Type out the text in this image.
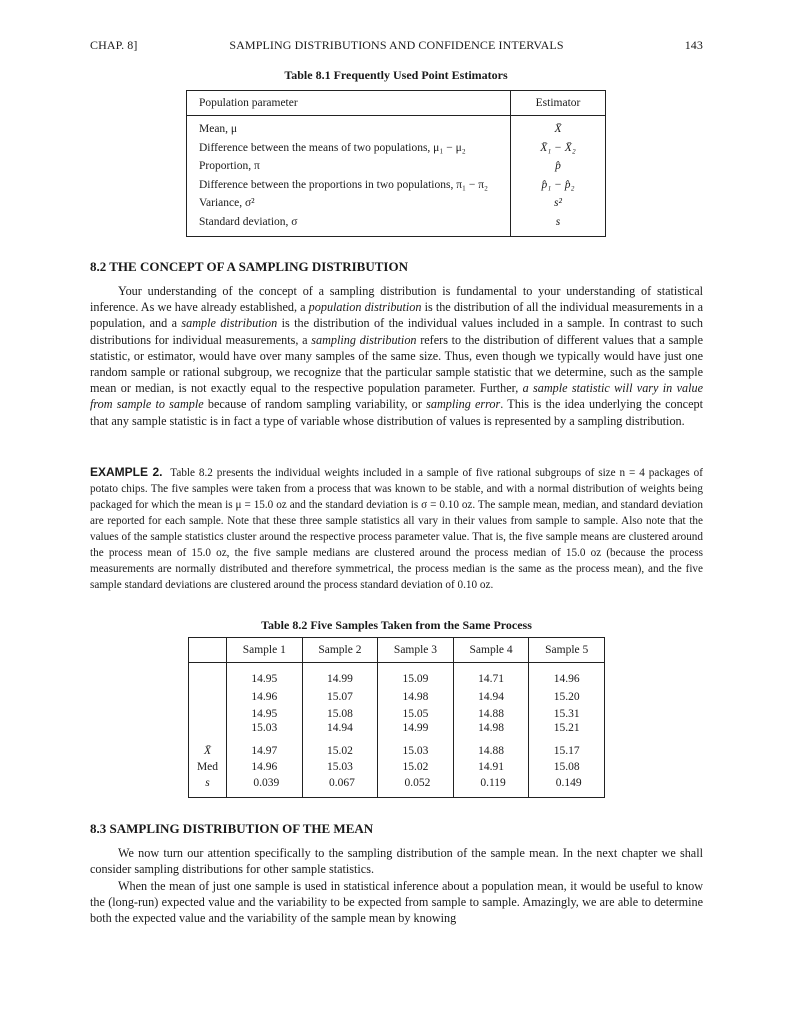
CHAP. 8]	SAMPLING DISTRIBUTIONS AND CONFIDENCE INTERVALS	143
Table 8.1 Frequently Used Point Estimators
Population parameter	Estimator
Mean, μ	X̄
Difference between the means of two populations, μ₁ − μ₂	X̄₁ − X̄₂
Proportion, π	p̂
Difference between the proportions in two populations, π₁ − π₂	p̂₁ − p̂₂
Variance, σ²	s²
Standard deviation, σ	s
8.2 THE CONCEPT OF A SAMPLING DISTRIBUTION

Your understanding of the concept of a sampling distribution is fundamental to your understanding of statistical inference. As we have already established, a population distribution is the distribution of all the individual measurements in a population, and a sample distribution is the distribution of the individual values included in a sample. In contrast to such distributions for individual measurements, a sampling distribution refers to the distribution of different values that a sample statistic, or estimator, would have over many samples of the same size. Thus, even though we typically would have just one random sample or rational subgroup, we recognize that the particular sample statistic that we determine, such as the sample mean or median, is not exactly equal to the respective population parameter. Further, a sample statistic will vary in value from sample to sample because of random sampling variability, or sampling error. This is the idea underlying the concept that any sample statistic is in fact a type of variable whose distribution of values is represented by a sampling distribution.

EXAMPLE 2. Table 8.2 presents the individual weights included in a sample of five rational subgroups of size n = 4 packages of potato chips. The five samples were taken from a process that was known to be stable, and with a normal distribution of weights being packaged for which the mean is μ = 15.0 oz and the standard deviation is σ = 0.10 oz. The sample mean, median, and standard deviation are reported for each sample. Note that these three sample statistics all vary in their values from sample to sample. Also note that the values of the sample statistics cluster around the respective process parameter value. That is, the five sample means are clustered around the process mean of 15.0 oz, the five sample medians are clustered around the process median of 15.0 oz (because the process measurements are normally distributed and therefore symmetrical, the process median is the same as the process mean), and the five sample standard deviations are clustered around the process standard deviation of 0.10 oz.

Table 8.2 Five Samples Taken from the Same Process
	Sample 1	Sample 2	Sample 3	Sample 4	Sample 5

	14.95	14.99	15.09	14.71	14.96

	14.96	15.07	14.98	14.94	15.20

	14.95	15.08	15.05	14.88	15.31
	15.03	14.94	14.99	14.98	15.21

X̄	14.97	15.02	15.03	14.88	15.17
Med	14.96	15.03	15.02	14.91	15.08
s	0.039	0.067	0.052	0.119	0.149

8.3 SAMPLING DISTRIBUTION OF THE MEAN

We now turn our attention specifically to the sampling distribution of the sample mean. In the next chapter we shall consider sampling distributions for other sample statistics.

When the mean of just one sample is used in statistical inference about a population mean, it would be useful to know the (long-run) expected value and the variability to be expected from sample to sample. Amazingly, we are able to determine both the expected value and the variability of the sample mean by knowing
